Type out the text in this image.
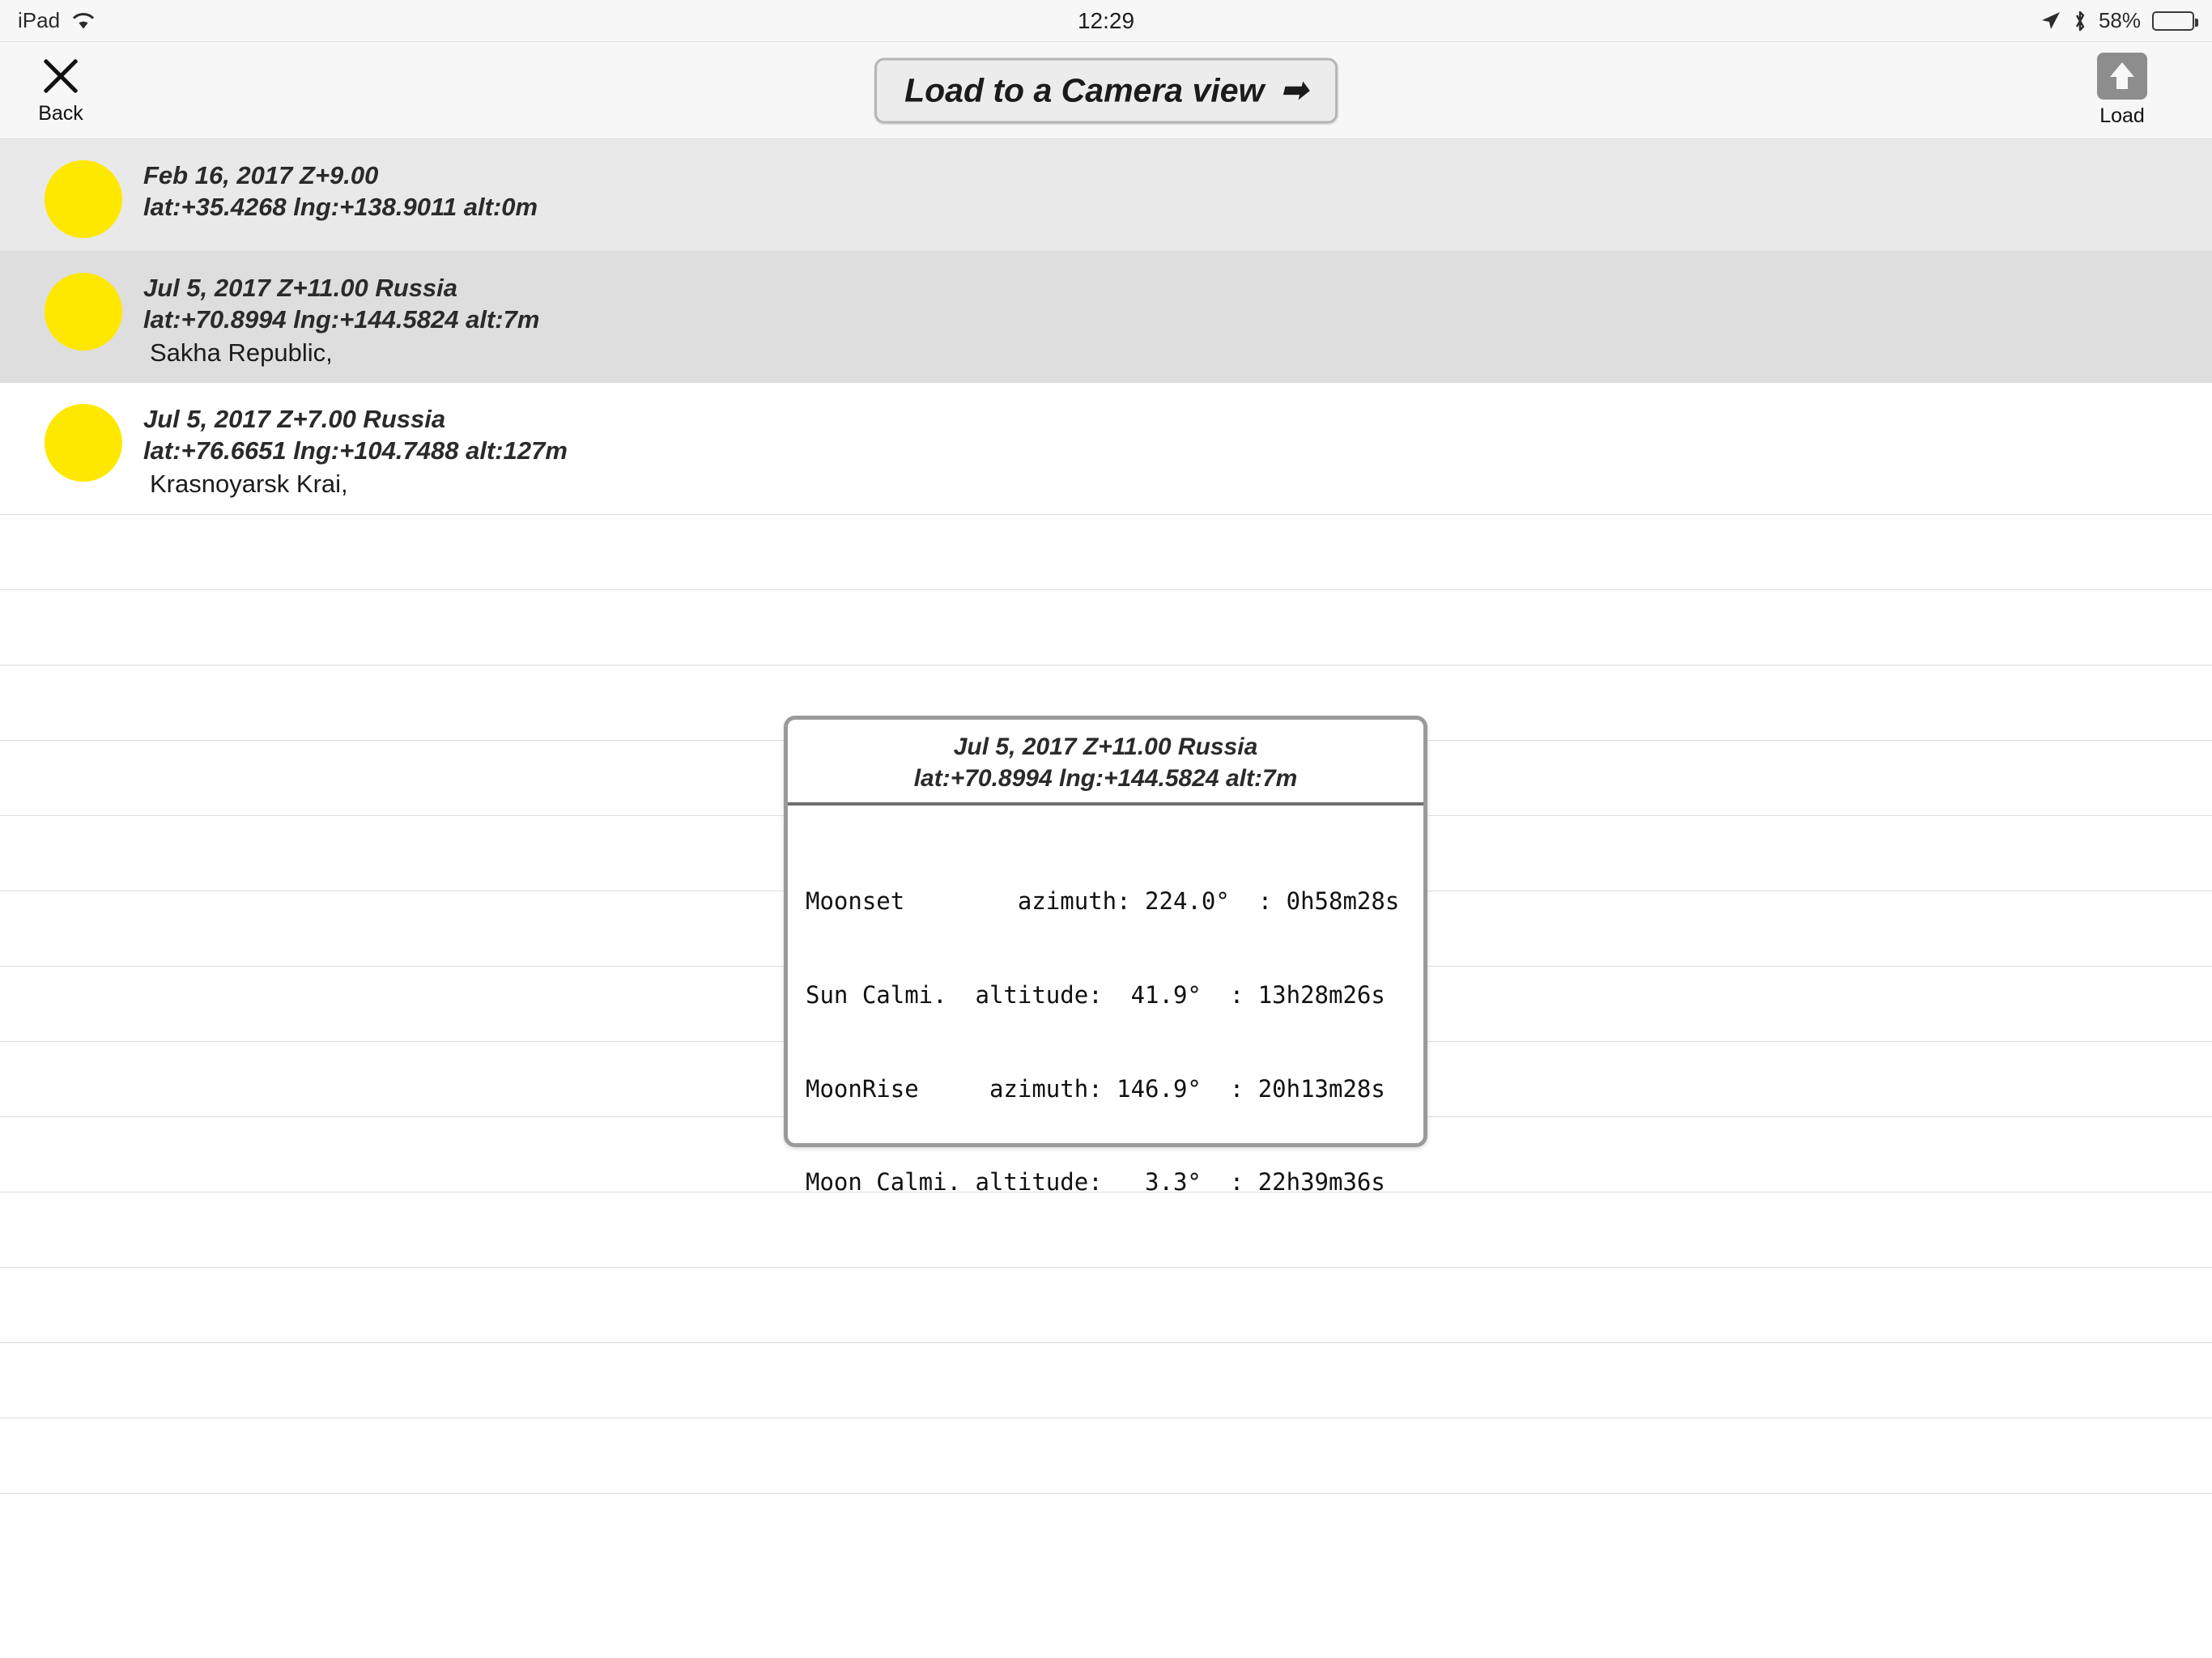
iPad	12:29	58%
Back
Load to a Camera view ➡
Load
Feb 16, 2017 Z+9.00
lat:+35.4268 lng:+138.9011 alt:0m
Jul 5, 2017 Z+11.00 Russia
lat:+70.8994 lng:+144.5824 alt:7m
Sakha Republic,
Jul 5, 2017 Z+7.00 Russia
lat:+76.6651 lng:+104.7488 alt:127m
Krasnoyarsk Krai,
Jul 5, 2017 Z+11.00 Russia
lat:+70.8994 lng:+144.5824 alt:7m

Moonset        azimuth: 224.0°  : 0h58m28s

Sun Calmi.  altitude:  41.9°  : 13h28m26s

MoonRise     azimuth: 146.9°  : 20h13m28s

Moon Calmi. altitude:   3.3°  : 22h39m36s
